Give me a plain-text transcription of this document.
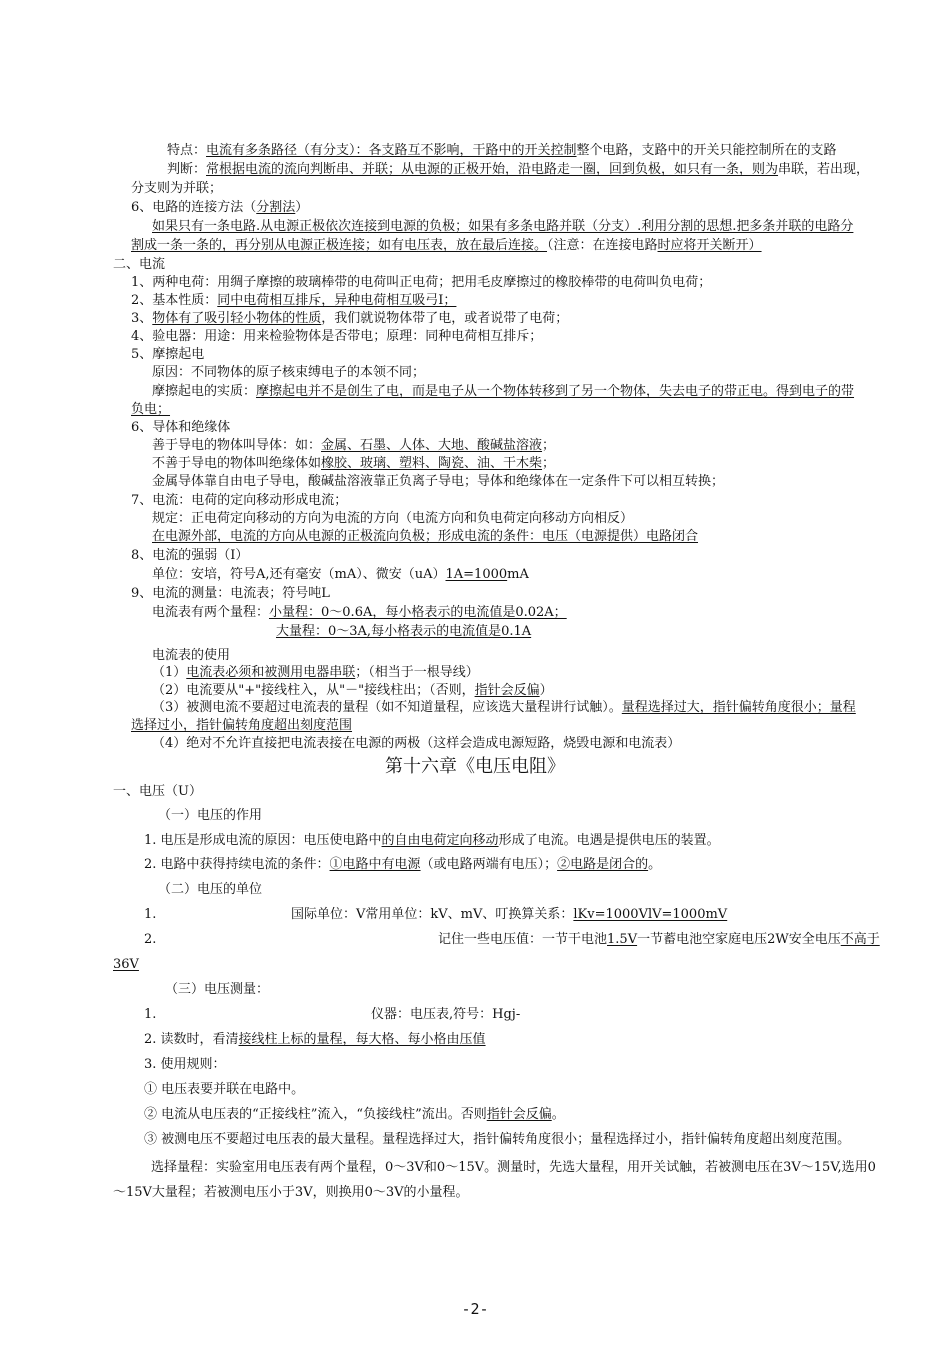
特点：电流有多条路径（有分支）：各支路互不影响，干路中的开关控制整个电路，支路中的开关只能控制所在的支路
判断：常根据电流的流向判断串、并联；从电源的正极开始，沿电路走一圈，回到负极，如只有一条，则为串联，若出现，
分支则为并联；
6、电路的连接方法（分割法）
如果只有一条电路.从电源正极依次连接到电源的负极；如果有多条电路并联（分支）.利用分割的思想.把多条并联的电路分
割成一条一条的，再分别从电源正极连接；如有电压表，放在最后连接。（注意：在连接电路时应将开关断开）
二、电流
1、两种电荷：用绸子摩擦的玻璃棒带的电荷叫正电荷；把用毛皮摩擦过的橡胶棒带的电荷叫负电荷；
2、基本性质：同中电荷相互排斥，异种电荷相互吸弓I；
3、物体有了吸引轻小物体的性质，我们就说物体带了电，或者说带了电荷；
4、验电器：用途：用来检验物体是否带电；原理：同种电荷相互排斥；
5、摩擦起电
原因：不同物体的原子核束缚电子的本领不同；
摩擦起电的实质：摩擦起电并不是创生了电，而是电子从一个物体转移到了另一个物体，失去电子的带正电。得到电子的带
负电；
6、导体和绝缘体
善于导电的物体叫导体：如：金属、石墨、人体、大地、酸碱盐溶液；
不善于导电的物体叫绝缘体如橡胶、玻璃、塑料、陶瓷、油、干木柴；
金属导体靠自由电子导电，酸碱盐溶液靠正负离子导电；导体和绝缘体在一定条件下可以相互转换；
7、电流：电荷的定向移动形成电流；
规定：正电荷定向移动的方向为电流的方向（电流方向和负电荷定向移动方向相反）
在电源外部，电流的方向从电源的正极流向负极；形成电流的条件：电压（电源提供）电路闭合
8、电流的强弱（I）
单位：安培，符号A,还有毫安（mA）、微安（uA）1A=1000mA
9、电流的测量：电流表；符号吨L
电流表有两个量程：小量程：0〜0.6A，每小格表示的电流值是0.02A；
大量程：0〜3A,每小格表示的电流值是0.1A
电流表的使用
（1）电流表必须和被测用电器串联；（相当于一根导线）
（2）电流要从"+"接线柱入，从"－"接线柱出；（否则，指针会反偏）
（3）被测电流不要超过电流表的量程（如不知道量程，应该选大量程讲行试触）。量程选择过大，指针偏转角度很小；量程
选择过小，指针偏转角度超出刻度范围
（4）绝对不允许直接把电流表接在电源的两极（这样会造成电源短路，烧毁电源和电流表）
第十六章《电压电阻》
一、电压（U）
（一）电压的作用
1. 电压是形成电流的原因：电压使电路中的自由电荷定向移动形成了电流。电遇是提供电压的装置。
2. 电路中获得持续电流的条件：①电路中有电源（或电路两端有电压）；②电路是闭合的。
（二）电压的单位
1.	国际单位：V常用单位：kV、mV、叮换算关系：lKv=1000VlV=1000mV
2.	记住一些电压值：一节干电池1.5V一节蓄电池空家庭电压2W安全电压不高于
36V
（三）电压测量：
1.	仪器：电压表,符号：Hgj-
2. 读数时，看清接线柱上标的量程，每大格、每小格由压值
3. 使用规则：
① 电压表要并联在电路中。
② 电流从电压表的“正接线柱”流入，“负接线柱”流出。否则指针会反偏。
③ 被测电压不要超过电压表的最大量程。量程选择过大，指针偏转角度很小；量程选择过小，指针偏转角度超出刻度范围。
选择量程：实验室用电压表有两个量程，0〜3V和0〜15V。测量时，先选大量程，用开关试触，若被测电压在3V〜15V,选用0
〜15V大量程；若被测电压小于3V，则换用0〜3V的小量程。
-2-
